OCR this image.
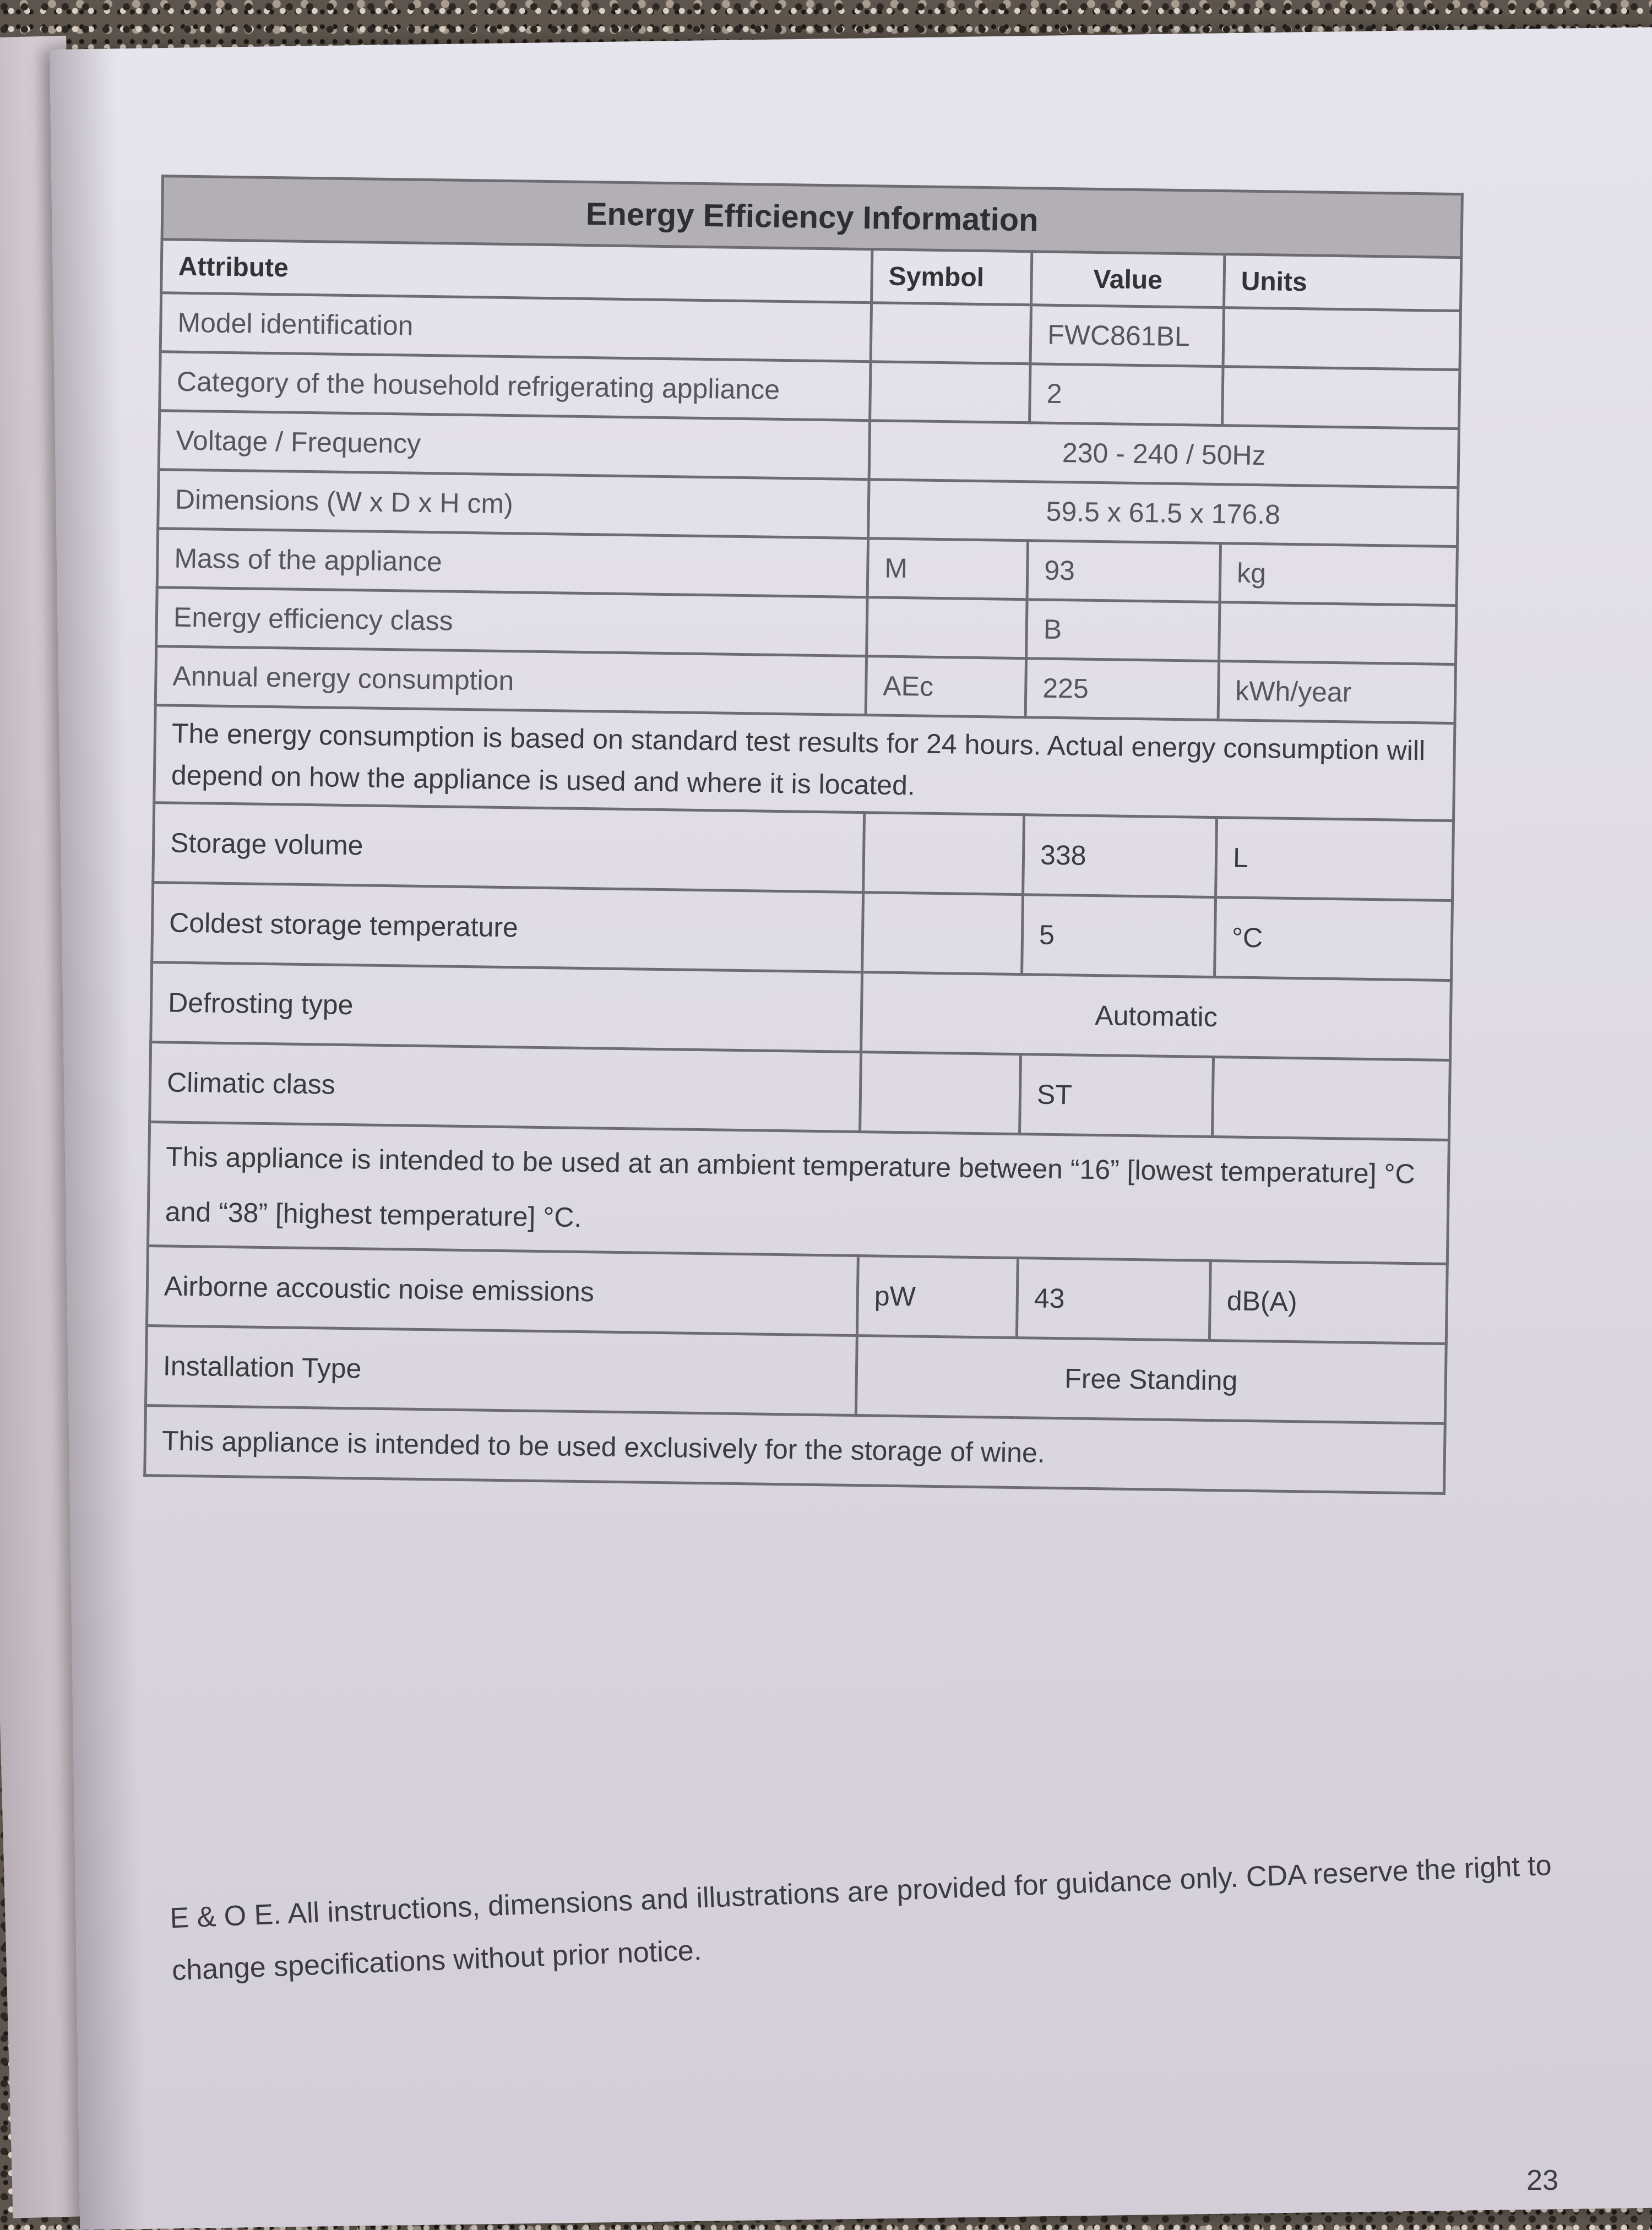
Energy Efficiency Information			
Attribute	Symbol	Value	Units
Model identification		FWC861BL	
Category of the household refrigerating appliance		2	
Voltage / Frequency	230 - 240 / 50Hz		
Dimensions (W x D x H cm)	59.5 x 61.5 x 176.8		
Mass of the appliance	M	93	kg
Energy efficiency class		B	
Annual energy consumption	AEc	225	kWh/year
The energy consumption is based on standard test results for 24 hours. Actual energy consumption will depend on how the appliance is used and where it is located.			
Storage volume		338	L
Coldest storage temperature		5	°C
Defrosting type	Automatic		
Climatic class		ST	
This appliance is intended to be used at an ambient temperature between “16” [lowest temperature] °C and “38” [highest temperature] °C.			
Airborne accoustic noise emissions	pW	43	dB(A)
Installation Type	Free Standing		
This appliance is intended to be used exclusively for the storage of wine.			

E & O E. All instructions, dimensions and illustrations are provided for guidance only. CDA reserve the right to change specifications without prior notice.

23
